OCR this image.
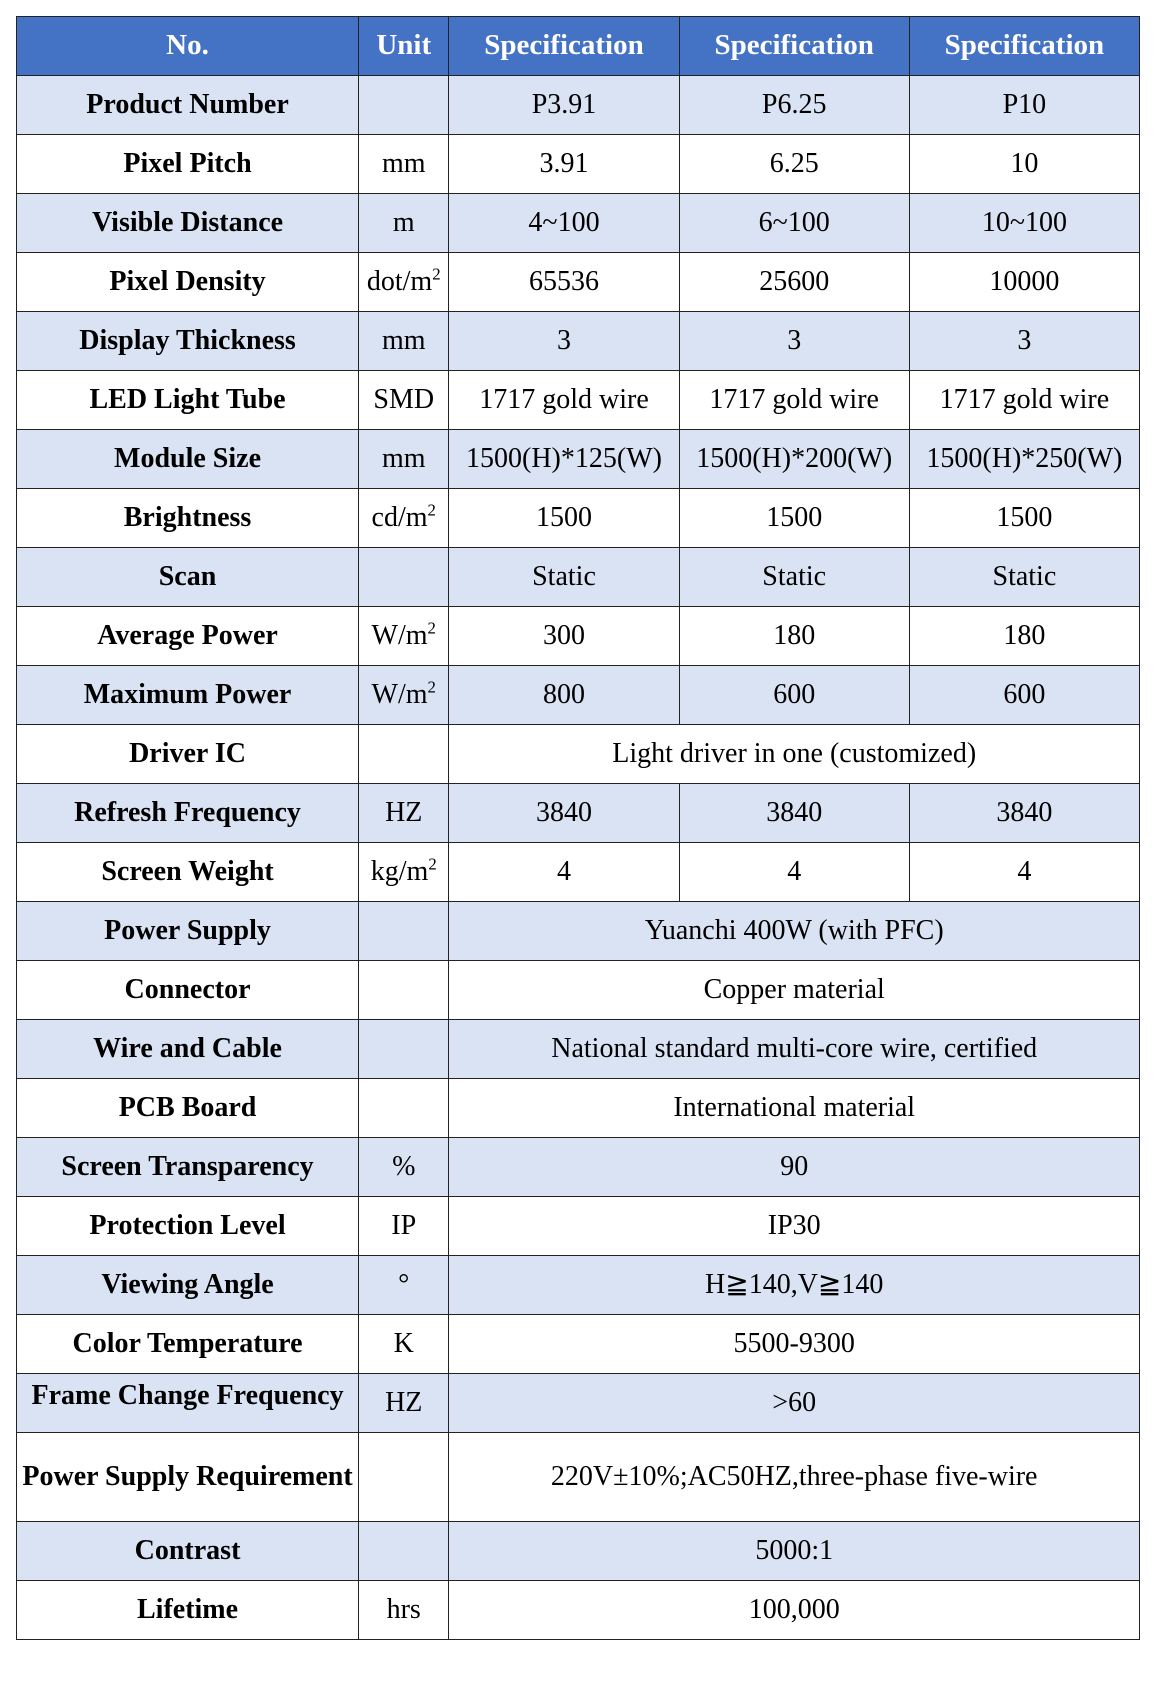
No.	Unit	Specification	Specification	Specification
Product Number		P3.91	P6.25	P10
Pixel Pitch	mm	3.91	6.25	10
Visible Distance	m	4~100	6~100	10~100
Pixel Density	dot/$m^2$	65536	25600	10000
Display Thickness	mm	3	3	3
LED Light Tube	SMD	1717 gold wire	1717 gold wire	1717 gold wire
Module Size	mm	1500(H)*125(W)	1500(H)*200(W)	1500(H)*250(W)
Brightness	$cd/m^2$	1500	1500	1500
Scan		Static	Static	Static
Average Power	$W/m^2$	300	180	180
Maximum Power	$W/m^2$	800	600	600
Driver IC		Light driver in one (customized)		
Refresh Frequency	HZ	3840	3840	3840
Screen Weight	$kg/m^2$	4	4	4
Power Supply		Yuanchi 400W (with PFC)		
Connector		Copper material		
Wire and Cable		National standard multi-core wire, certified		
PCB Board		International material		
Screen Transparency	%	90		
Protection Level	IP	IP30		
Viewing Angle	°	H≧140,V≧140		
Color Temperature	K	5500-9300		

Frame Change Frequency	HZ	>60		
Power Supply Requirement		220V±10%;AC50HZ,three-phase five-wire		
Contrast		5000:1		
Lifetime	hrs	100,000		
